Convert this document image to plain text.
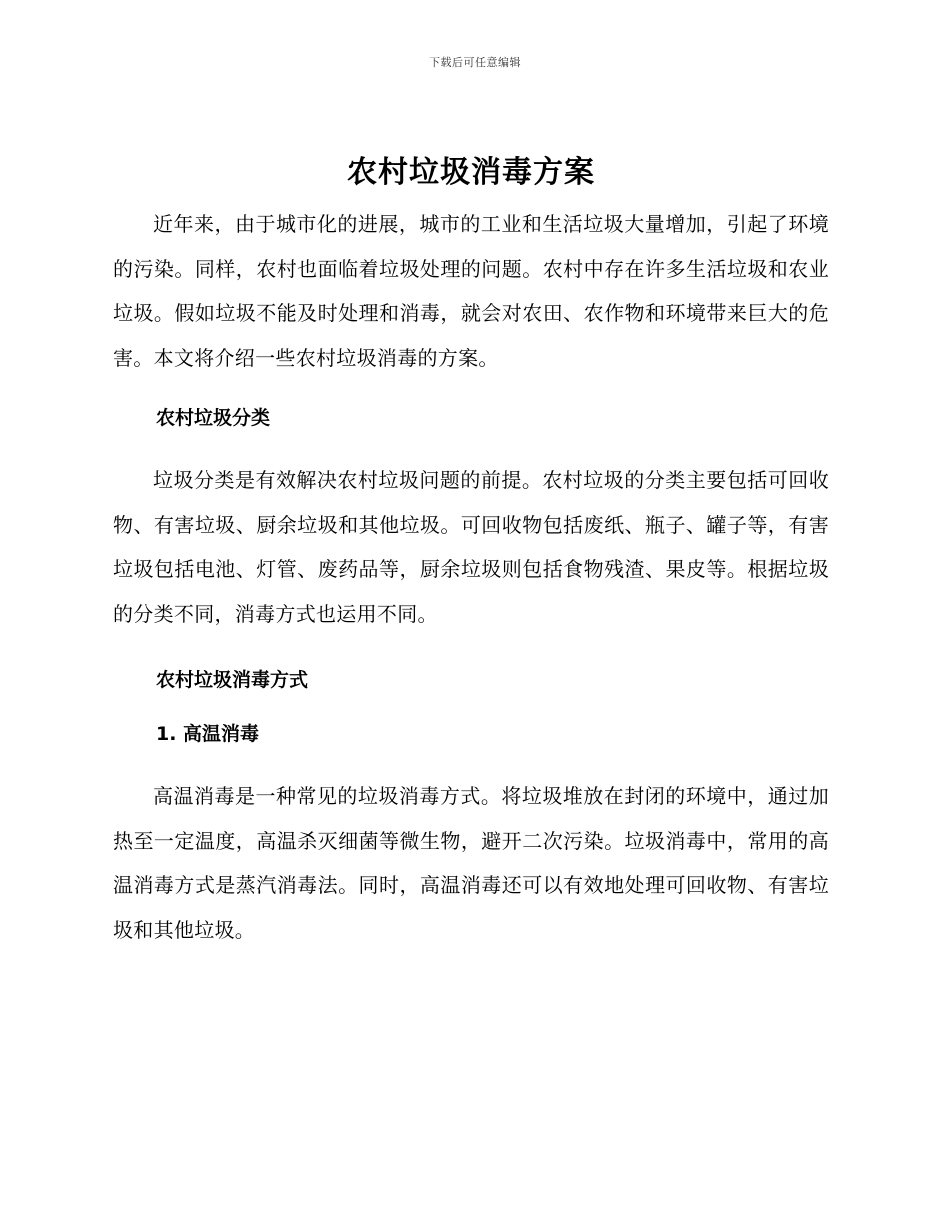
下载后可任意编辑
农村垃圾消毒方案

近年来，由于城市化的进展，城市的工业和生活垃圾大量增加，引起了环境的污染。同样，农村也面临着垃圾处理的问题。农村中存在许多生活垃圾和农业垃圾。假如垃圾不能及时处理和消毒，就会对农田、农作物和环境带来巨大的危害。本文将介绍一些农村垃圾消毒的方案。

农村垃圾分类

垃圾分类是有效解决农村垃圾问题的前提。农村垃圾的分类主要包括可回收物、有害垃圾、厨余垃圾和其他垃圾。可回收物包括废纸、瓶子、罐子等，有害垃圾包括电池、灯管、废药品等，厨余垃圾则包括食物残渣、果皮等。根据垃圾的分类不同，消毒方式也运用不同。

农村垃圾消毒方式
1. 高温消毒

高温消毒是一种常见的垃圾消毒方式。将垃圾堆放在封闭的环境中，通过加热至一定温度，高温杀灭细菌等微生物，避开二次污染。垃圾消毒中，常用的高温消毒方式是蒸汽消毒法。同时，高温消毒还可以有效地处理可回收物、有害垃圾和其他垃圾。
